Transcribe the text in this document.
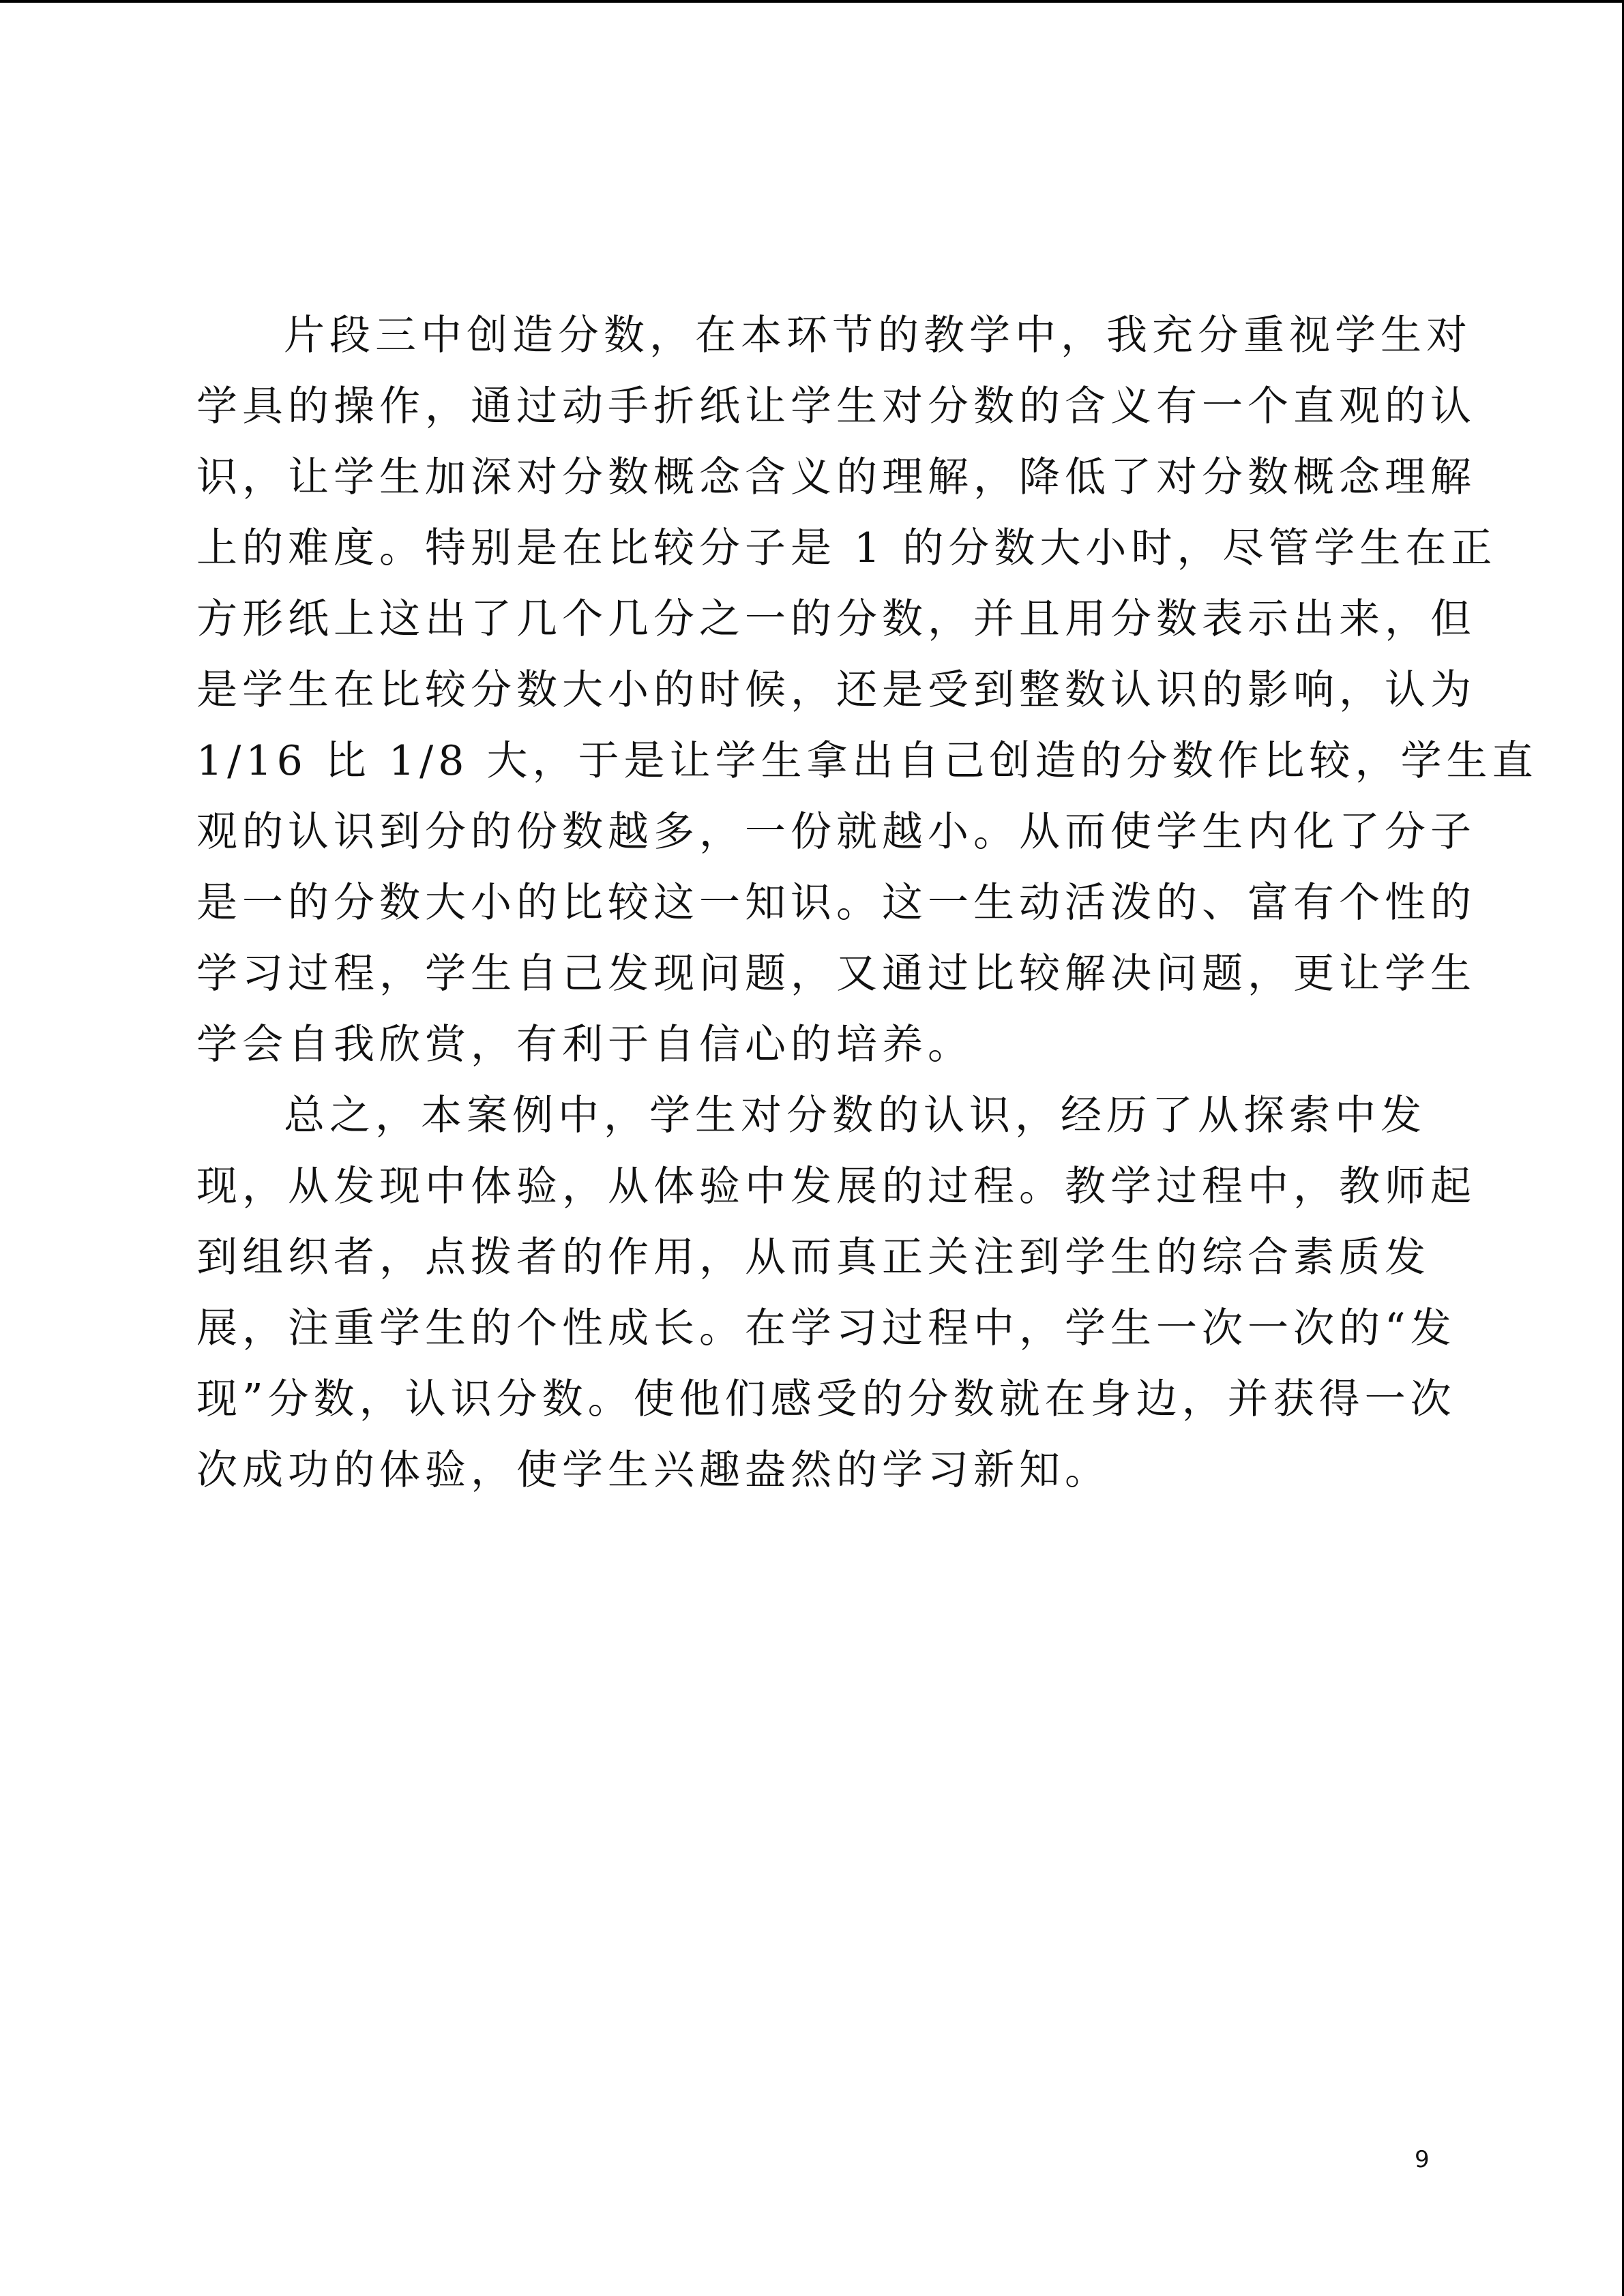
片段三中创造分数，在本环节的教学中，我充分重视学生对
学具的操作，通过动手折纸让学生对分数的含义有一个直观的认
识，让学生加深对分数概念含义的理解，降低了对分数概念理解
上的难度。特别是在比较分子是 1 的分数大小时，尽管学生在正
方形纸上这出了几个几分之一的分数，并且用分数表示出来，但
是学生在比较分数大小的时候，还是受到整数认识的影响，认为
1/16 比 1/8 大，于是让学生拿出自己创造的分数作比较，学生直
观的认识到分的份数越多，一份就越小。从而使学生内化了分子
是一的分数大小的比较这一知识。这一生动活泼的、富有个性的
学习过程，学生自己发现问题，又通过比较解决问题，更让学生
学会自我欣赏，有利于自信心的培养。
总之，本案例中，学生对分数的认识，经历了从探索中发
现，从发现中体验，从体验中发展的过程。教学过程中，教师起
到组织者，点拨者的作用，从而真正关注到学生的综合素质发
展，注重学生的个性成长。在学习过程中，学生一次一次的“发
现”分数，认识分数。使他们感受的分数就在身边，并获得一次
次成功的体验，使学生兴趣盎然的学习新知。
9
